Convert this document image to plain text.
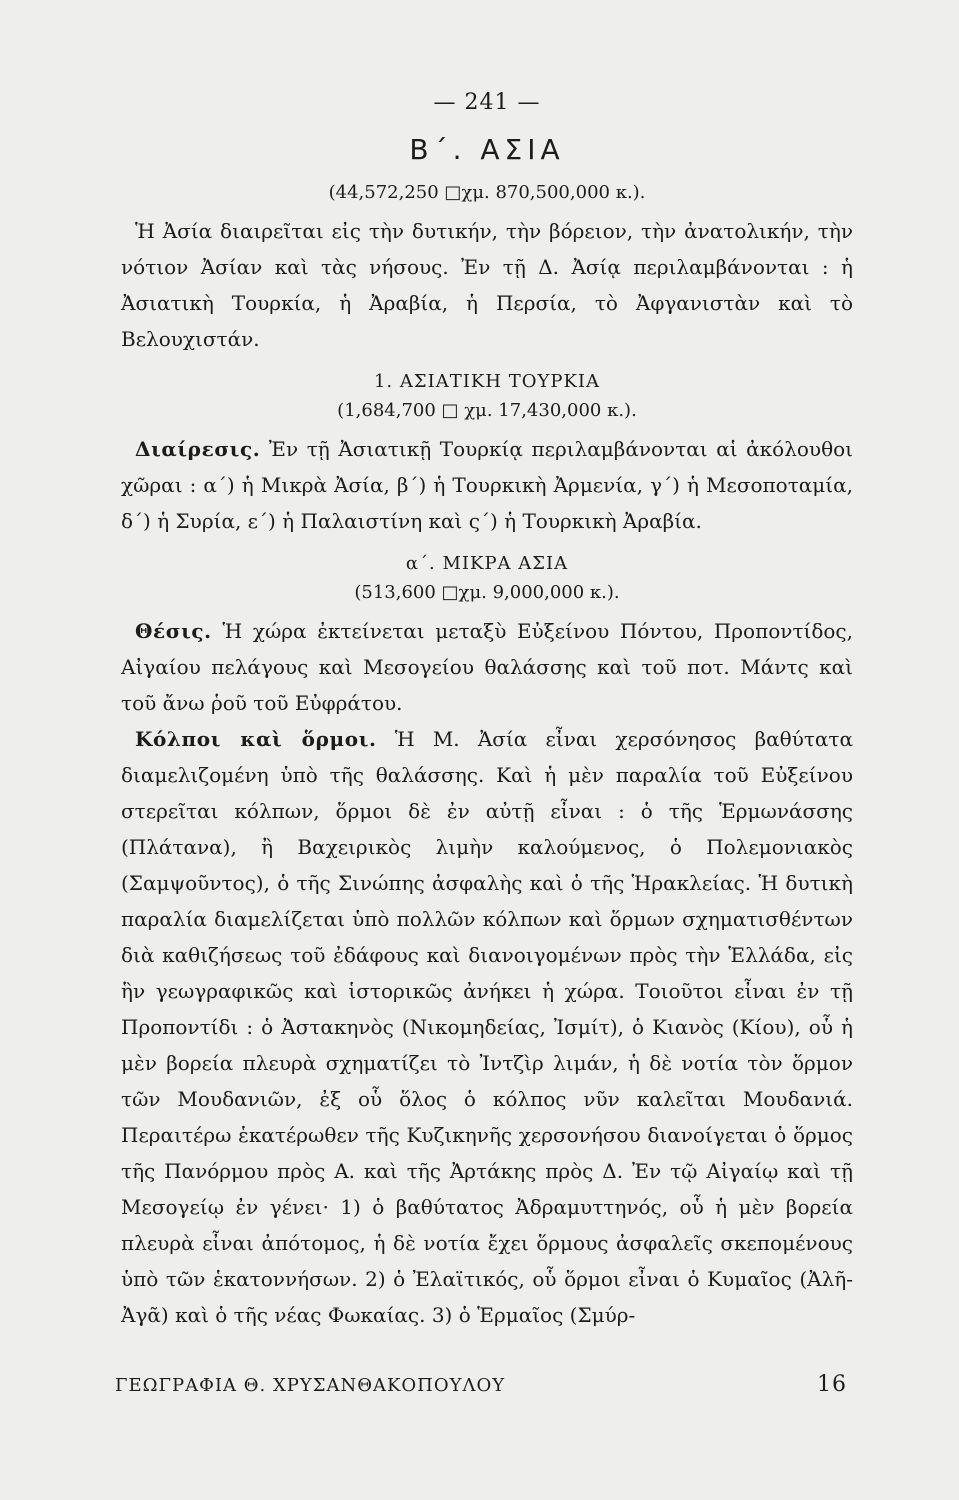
— 241 —
Β΄. ΑΣΙΑ
(44,572,250 □χμ. 870,500,000 κ.).

Ἡ Ἀσία διαιρεῖται εἰς τὴν δυτικήν, τὴν βόρειον, τὴν ἀνατολικήν, τὴν νότιον Ἀσίαν καὶ τὰς νήσους. Ἐν τῇ Δ. Ἀσίᾳ περιλαμβάνονται : ἡ Ἀσιατικὴ Τουρκία, ἡ Ἀραβία, ἡ Περσία, τὸ Ἀφγανιστὰν καὶ τὸ Βελουχιστάν.

1. ΑΣΙΑΤΙΚΗ ΤΟΥΡΚΙΑ
(1,684,700 □ χμ. 17,430,000 κ.).

Διαίρεσις. Ἐν τῇ Ἀσιατικῇ Τουρκίᾳ περιλαμβάνονται αἱ ἀκόλουθοι χῶραι : α΄) ἡ Μικρὰ Ἀσία, β΄) ἡ Τουρκικὴ Ἀρμενία, γ΄) ἡ Μεσοποταμία, δ΄) ἡ Συρία, ε΄) ἡ Παλαιστίνη καὶ ς΄) ἡ Τουρκικὴ Ἀραβία.

α΄. ΜΙΚΡΑ ΑΣΙΑ
(513,600 □χμ. 9,000,000 κ.).

Θέσις. Ἡ χώρα ἐκτείνεται μεταξὺ Εὐξείνου Πόντου, Προποντίδος, Αἰγαίου πελάγους καὶ Μεσογείου θαλάσσης καὶ τοῦ ποτ. Μάντς καὶ τοῦ ἄνω ῥοῦ τοῦ Εὐφράτου.

Κόλποι καὶ ὅρμοι. Ἡ Μ. Ἀσία εἶναι χερσόνησος βαθύτατα διαμελιζομένη ὑπὸ τῆς θαλάσσης. Καὶ ἡ μὲν παραλία τοῦ Εὐξείνου στερεῖται κόλπων, ὅρμοι δὲ ἐν αὐτῇ εἶναι : ὁ τῆς Ἑρμωνάσσης (Πλάτανα), ἢ Βαχειρικὸς λιμὴν καλούμενος, ὁ Πολεμονιακὸς (Σαμψοῦντος), ὁ τῆς Σινώπης ἀσφαλὴς καὶ ὁ τῆς Ἡρακλείας. Ἡ δυτικὴ παραλία διαμελίζεται ὑπὸ πολλῶν κόλπων καὶ ὅρμων σχηματισθέντων διὰ καθιζήσεως τοῦ ἐδάφους καὶ διανοιγομένων πρὸς τὴν Ἑλλάδα, εἰς ἣν γεωγραφικῶς καὶ ἱστορικῶς ἀνήκει ἡ χώρα. Τοιοῦτοι εἶναι ἐν τῇ Προποντίδι : ὁ Ἀστακηνὸς (Νικομηδείας, Ἰσμίτ), ὁ Κιανὸς (Κίου), οὗ ἡ μὲν βορεία πλευρὰ σχηματίζει τὸ Ἰντζὶρ λιμάν, ἡ δὲ νοτία τὸν ὅρμον τῶν Μουδανιῶν, ἐξ οὗ ὅλος ὁ κόλπος νῦν καλεῖται Μουδανιά. Περαιτέρω ἑκατέρωθεν τῆς Κυζικηνῆς χερσονήσου διανοίγεται ὁ ὅρμος τῆς Πανόρμου πρὸς Α. καὶ τῆς Ἀρτάκης πρὸς Δ. Ἐν τῷ Αἰγαίῳ καὶ τῇ Μεσογείῳ ἐν γένει· 1) ὁ βαθύτατος Ἀδραμυττηνός, οὗ ἡ μὲν βορεία πλευρὰ εἶναι ἀπότομος, ἡ δὲ νοτία ἔχει ὅρμους ἀσφαλεῖς σκεπομένους ὑπὸ τῶν ἑκατοννήσων. 2) ὁ Ἐλαϊτικός, οὗ ὅρμοι εἶναι ὁ Κυμαῖος (Ἀλῆ-Ἀγᾶ) καὶ ὁ τῆς νέας Φωκαίας. 3) ὁ Ἑρμαῖος (Σμύρ-

ΓΕΩΓΡΑΦΙΑ Θ. ΧΡΥΣΑΝΘΑΚΟΠΟΥΛΟΥ	16
